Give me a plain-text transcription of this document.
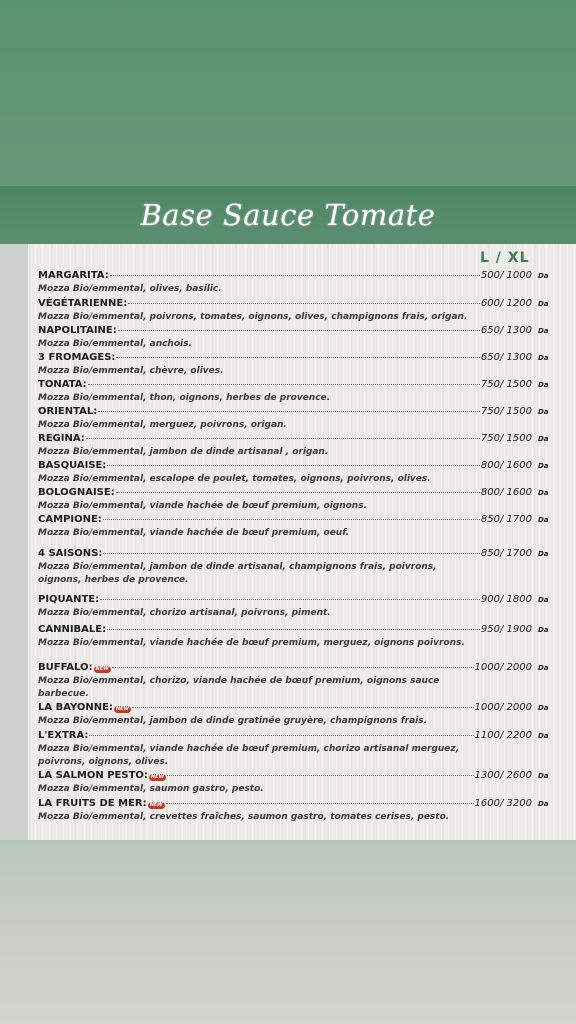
Base Sauce Tomate
L / XL
MARGARITA:	500/ 1000 Da
Mozza Bio/emmental, olives, basilic.
VÉGÉTARIENNE:	600/ 1200 Da
Mozza Bio/emmental, poivrons, tomates, oignons, olives, champignons frais, origan.
NAPOLITAINE:	650/ 1300 Da
Mozza Bio/emmental, anchois.
3 FROMAGES:	650/ 1300 Da
Mozza Bio/emmental, chèvre, olives.
TONATA:	750/ 1500 Da
Mozza Bio/emmental, thon, oignons, herbes de provence.
ORIENTAL:	750/ 1500 Da
Mozza Bio/emmental, merguez, poivrons, origan.
REGINA:	750/ 1500 Da
Mozza Bio/emmental, jambon de dinde artisanal , origan.
BASQUAISE:	800/ 1600 Da
Mozza Bio/emmental, escalope de poulet, tomates, oignons, poivrons, olives.
BOLOGNAISE:	800/ 1600 Da
Mozza Bio/emmental, viande hachée de bœuf premium, oignons.
CAMPIONE:	850/ 1700 Da
Mozza Bio/emmental, viande hachée de bœuf premium, oeuf.
4 SAISONS:	850/ 1700 Da
Mozza Bio/emmental, jambon de dinde artisanal, champignons frais, poivrons, oignons, herbes de provence.
PIQUANTE:	900/ 1800 Da
Mozza Bio/emmental, chorizo artisanal, poivrons, piment.
CANNIBALE:	950/ 1900 Da
Mozza Bio/emmental, viande hachée de bœuf premium, merguez, oignons poivrons.
BUFFALO: NEW	1000/ 2000 Da
Mozza Bio/emmental, chorizo, viande hachée de bœuf premium, oignons sauce barbecue.
LA BAYONNE: NEW	1000/ 2000 Da
Mozza Bio/emmental, jambon de dinde gratinée gruyère, champignons frais.
L'EXTRA:	1100/ 2200 Da
Mozza Bio/emmental, viande hachée de bœuf premium, chorizo artisanal merguez, poivrons, oignons, olives.
LA SALMON PESTO: NEW	1300/ 2600 Da
Mozza Bio/emmental, saumon gastro, pesto.
LA FRUITS DE MER: NEW	1600/ 3200 Da
Mozza Bio/emmental, crevettes fraîches, saumon gastro, tomates cerises, pesto.
